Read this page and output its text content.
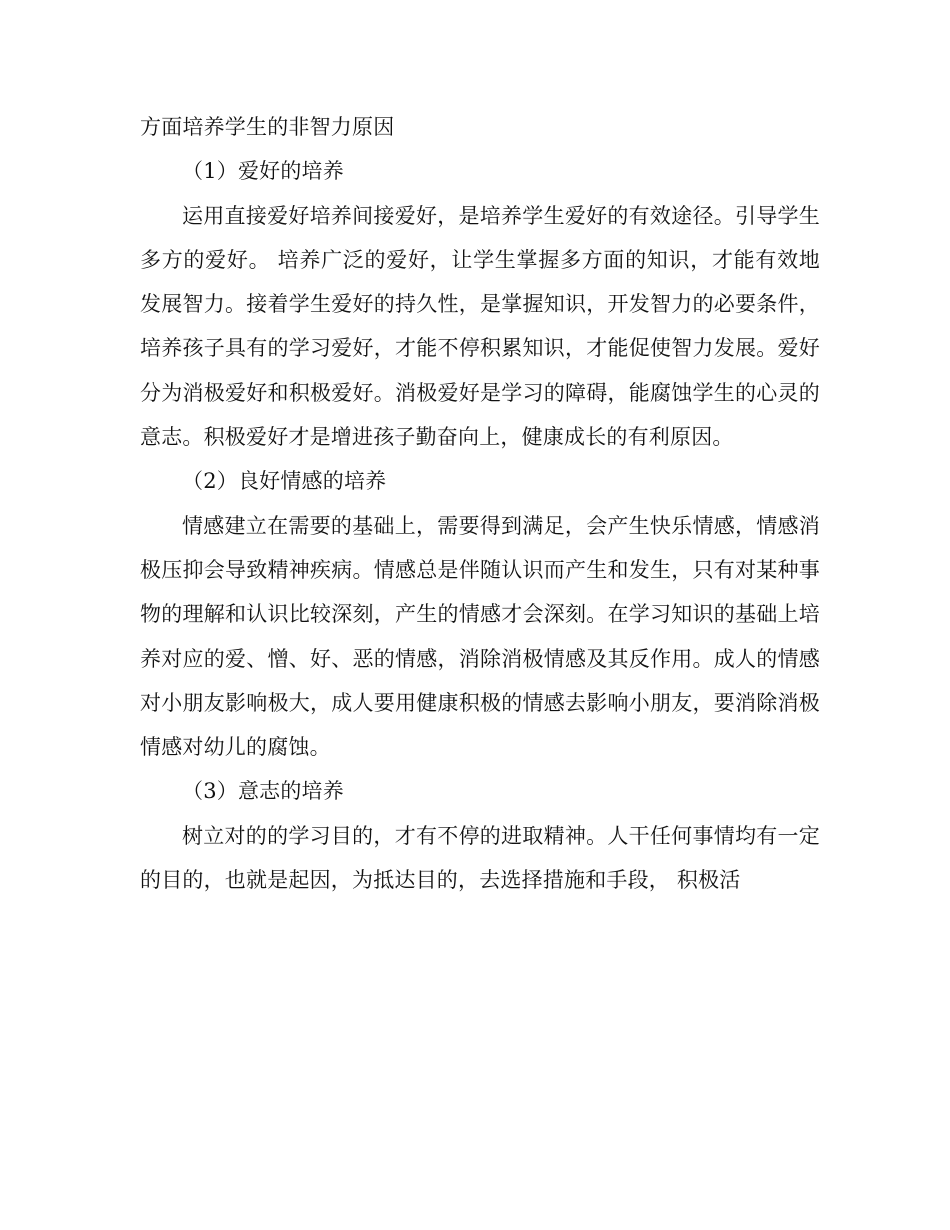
方面培养学生的非智力原因

（1）爱好的培养

运用直接爱好培养间接爱好，是培养学生爱好的有效途径。引导学生多方的爱好。 培养广泛的爱好，让学生掌握多方面的知识，才能有效地发展智力。接着学生爱好的持久性，是掌握知识，开发智力的必要条件，培养孩子具有的学习爱好，才能不停积累知识，才能促使智力发展。爱好分为消极爱好和积极爱好。消极爱好是学习的障碍，能腐蚀学生的心灵的意志。积极爱好才是增进孩子勤奋向上，健康成长的有利原因。

（2）良好情感的培养

情感建立在需要的基础上，需要得到满足，会产生快乐情感，情感消极压抑会导致精神疾病。情感总是伴随认识而产生和发生，只有对某种事物的理解和认识比较深刻，产生的情感才会深刻。在学习知识的基础上培养对应的爱、憎、好、恶的情感，消除消极情感及其反作用。成人的情感对小朋友影响极大，成人要用健康积极的情感去影响小朋友，要消除消极情感对幼儿的腐蚀。

（3）意志的培养

树立对的的学习目的，才有不停的进取精神。人干任何事情均有一定的目的，也就是起因，为抵达目的，去选择措施和手段， 积极活
